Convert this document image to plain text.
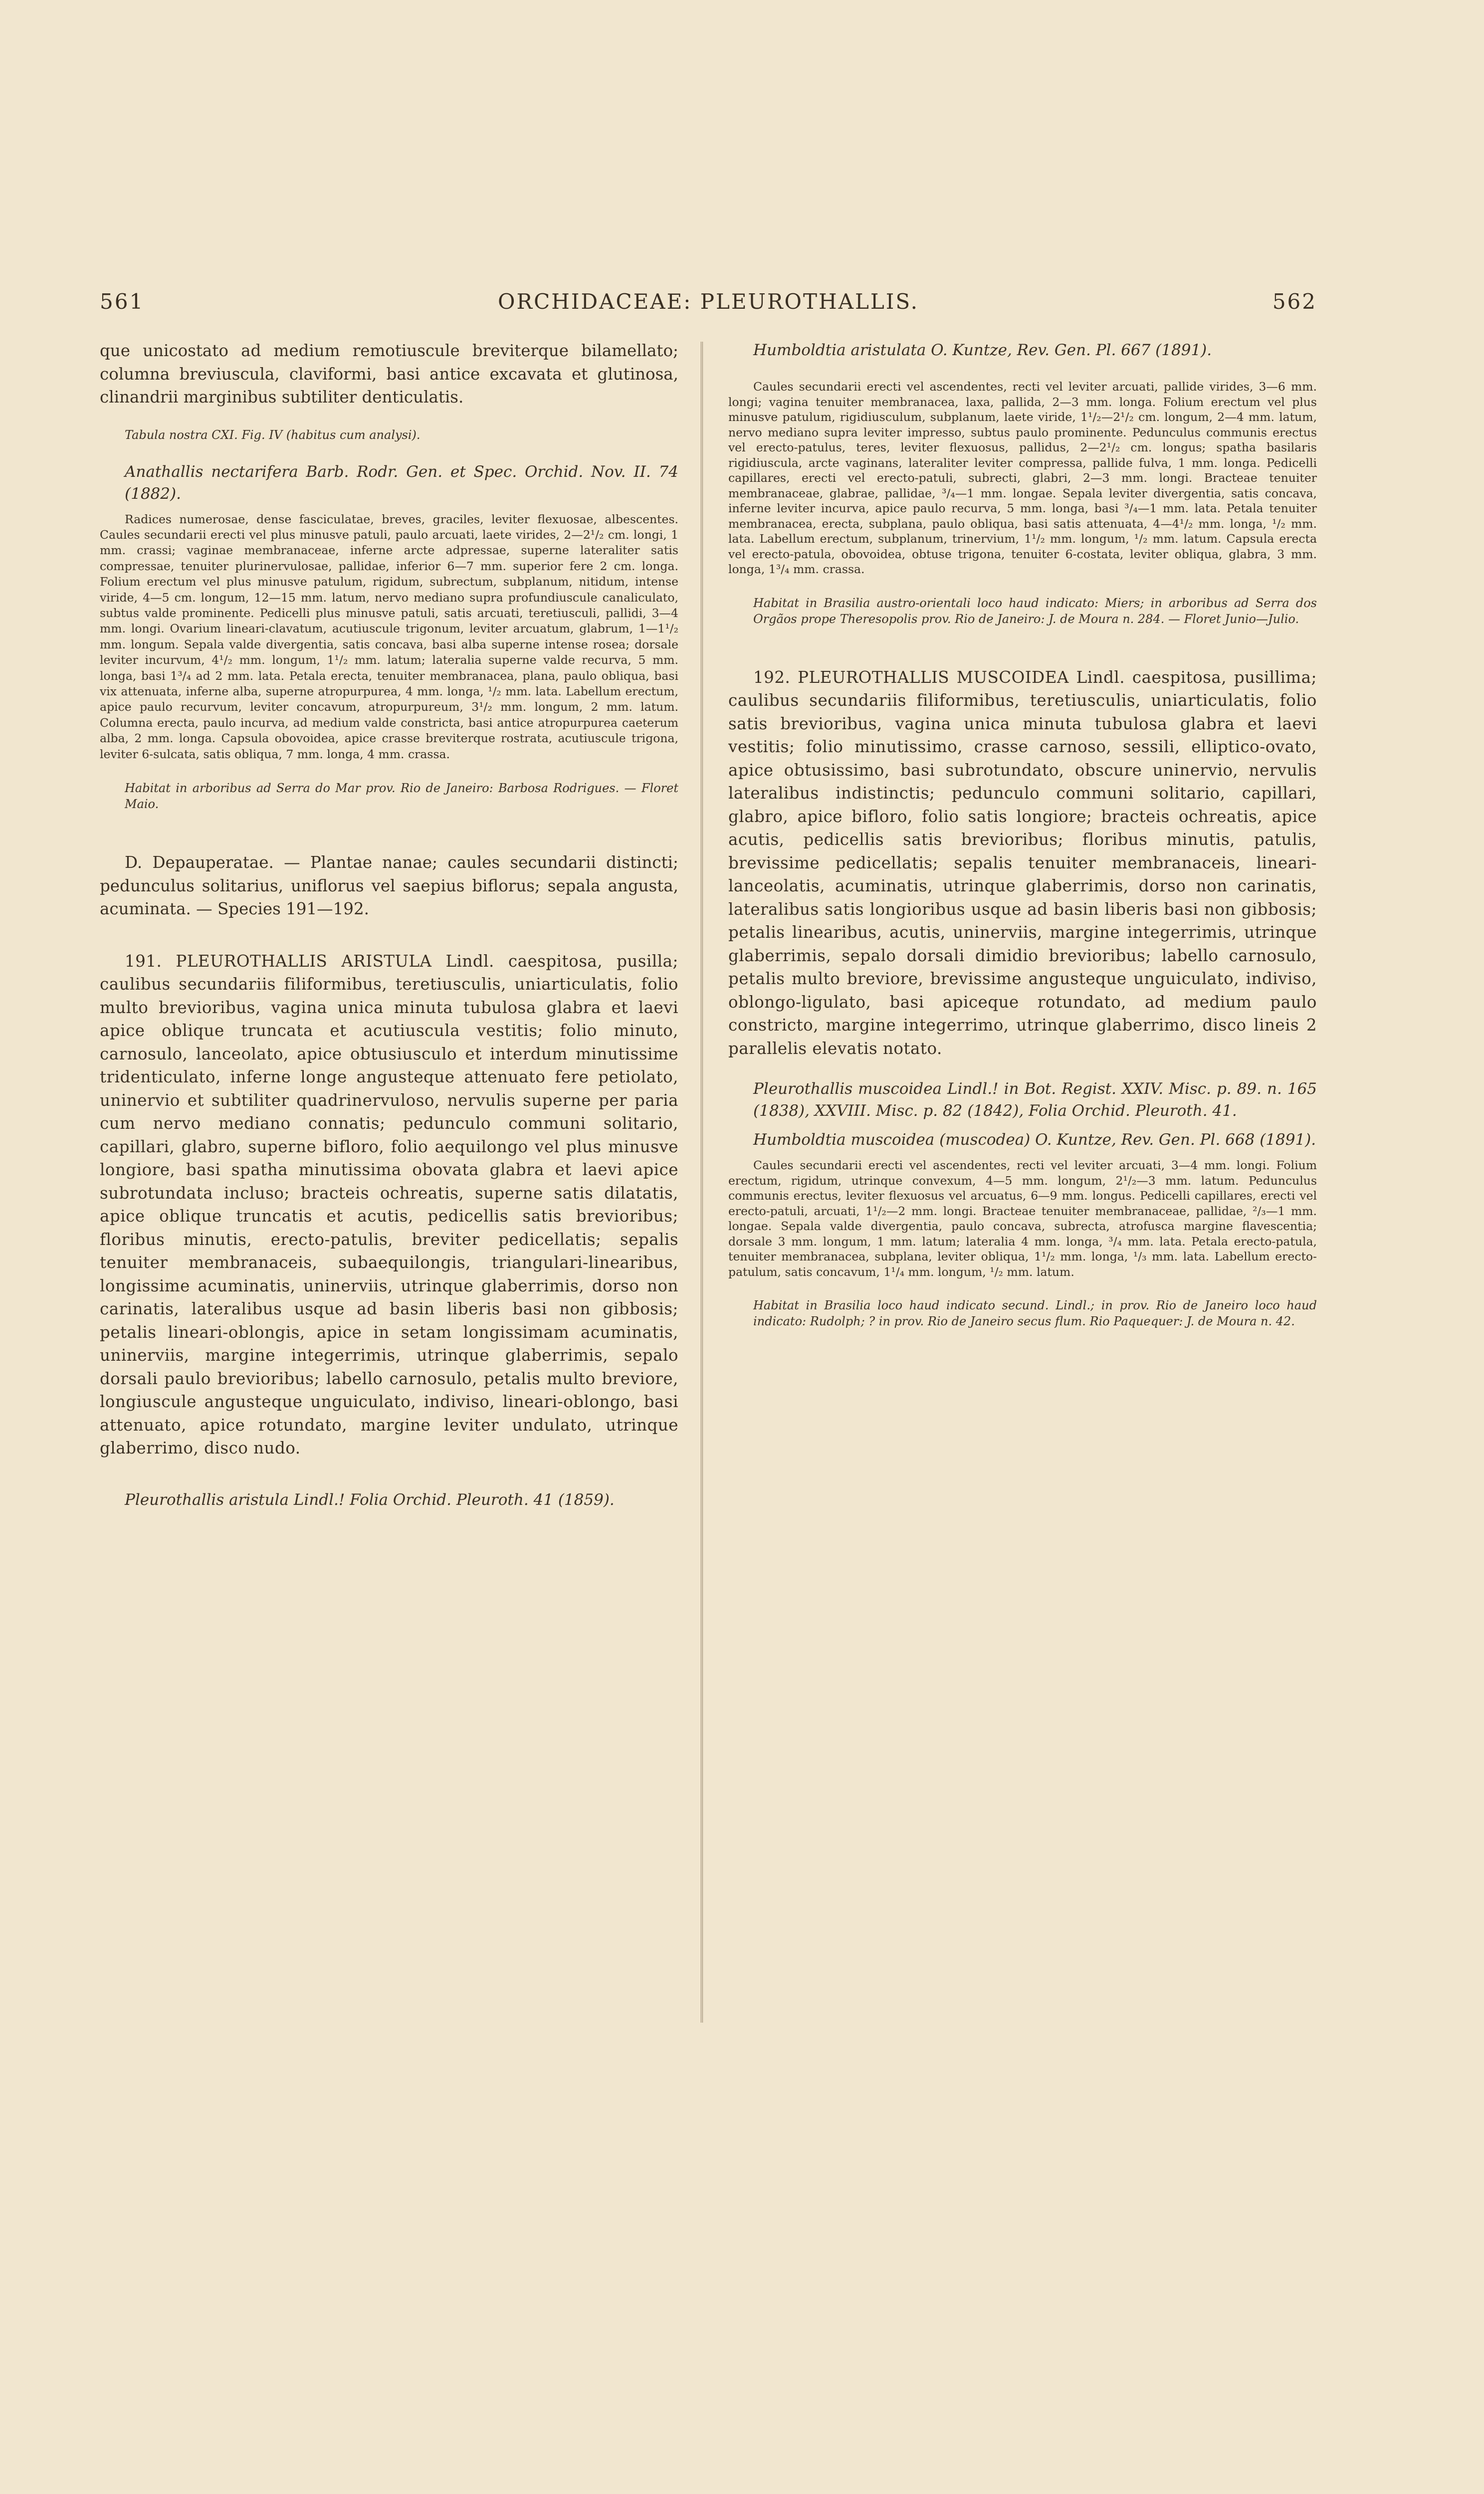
561	ORCHIDACEAE: PLEUROTHALLIS.	562

que unicostato ad medium remotiuscule breviterque bilamellato; columna breviuscula, claviformi, basi antice excavata et glutinosa, clinandrii marginibus subtiliter denticulatis.

Tabula nostra CXI. Fig. IV (habitus cum analysi).

Anathallis nectarifera Barb. Rodr. Gen. et Spec. Orchid. Nov. II. 74 (1882).

Radices numerosae, dense fasciculatae, breves, graciles, leviter flexuosae, albescentes. Caules secundarii erecti vel plus minusve patuli, paulo arcuati, laete virides, 2—2¹/₂ cm. longi, 1 mm. crassi; vaginae membranaceae, inferne arcte adpressae, superne lateraliter satis compressae, tenuiter plurinervulosae, pallidae, inferior 6—7 mm. superior fere 2 cm. longa. Folium erectum vel plus minusve patulum, rigidum, subrectum, subplanum, nitidum, intense viride, 4—5 cm. longum, 12—15 mm. latum, nervo mediano supra profundiuscule canaliculato, subtus valde prominente. Pedicelli plus minusve patuli, satis arcuati, teretiusculi, pallidi, 3—4 mm. longi. Ovarium lineari-clavatum, acutiuscule trigonum, leviter arcuatum, glabrum, 1—1¹/₂ mm. longum. Sepala valde divergentia, satis concava, basi alba superne intense rosea; dorsale leviter incurvum, 4¹/₂ mm. longum, 1¹/₂ mm. latum; lateralia superne valde recurva, 5 mm. longa, basi 1³/₄ ad 2 mm. lata. Petala erecta, tenuiter membranacea, plana, paulo obliqua, basi vix attenuata, inferne alba, superne atropurpurea, 4 mm. longa, ¹/₂ mm. lata. Labellum erectum, apice paulo recurvum, leviter concavum, atropurpureum, 3¹/₂ mm. longum, 2 mm. latum. Columna erecta, paulo incurva, ad medium valde constricta, basi antice atropurpurea caeterum alba, 2 mm. longa. Capsula obovoidea, apice crasse breviterque rostrata, acutiuscule trigona, leviter 6-sulcata, satis obliqua, 7 mm. longa, 4 mm. crassa.

Habitat in arboribus ad Serra do Mar prov. Rio de Janeiro: Barbosa Rodrigues. — Floret Maio.

D. Depauperatae. — Plantae nanae; caules secundarii distincti; pedunculus solitarius, uniflorus vel saepius biflorus; sepala angusta, acuminata. — Species 191—192.

191. PLEUROTHALLIS ARISTULA Lindl. caespitosa, pusilla; caulibus secundariis filiformibus, teretiusculis, uniarticulatis, folio multo brevioribus, vagina unica minuta tubulosa glabra et laevi apice oblique truncata et acutiuscula vestitis; folio minuto, carnosulo, lanceolato, apice obtusiusculo et interdum minutissime tridenticulato, inferne longe angusteque attenuato fere petiolato, uninervio et subtiliter quadrinervuloso, nervulis superne per paria cum nervo mediano connatis; pedunculo communi solitario, capillari, glabro, superne bifloro, folio aequilongo vel plus minusve longiore, basi spatha minutissima obovata glabra et laevi apice subrotundata incluso; bracteis ochreatis, superne satis dilatatis, apice oblique truncatis et acutis, pedicellis satis brevioribus; floribus minutis, erecto-patulis, breviter pedicellatis; sepalis tenuiter membranaceis, subaequilongis, triangulari-linearibus, longissime acuminatis, uninerviis, utrinque glaberrimis, dorso non carinatis, lateralibus usque ad basin liberis basi non gibbosis; petalis lineari-oblongis, apice in setam longissimam acuminatis, uninerviis, margine integerrimis, utrinque glaberrimis, sepalo dorsali paulo brevioribus; labello carnosulo, petalis multo breviore, longiuscule angusteque unguiculato, indiviso, lineari-oblongo, basi attenuato, apice rotundato, margine leviter undulato, utrinque glaberrimo, disco nudo.

Pleurothallis aristula Lindl.! Folia Orchid. Pleuroth. 41 (1859).

Humboldtia aristulata O. Kuntze, Rev. Gen. Pl. 667 (1891).

Caules secundarii erecti vel ascendentes, recti vel leviter arcuati, pallide virides, 3—6 mm. longi; vagina tenuiter membranacea, laxa, pallida, 2—3 mm. longa. Folium erectum vel plus minusve patulum, rigidiusculum, subplanum, laete viride, 1¹/₂—2¹/₂ cm. longum, 2—4 mm. latum, nervo mediano supra leviter impresso, subtus paulo prominente. Pedunculus communis erectus vel erecto-patulus, teres, leviter flexuosus, pallidus, 2—2¹/₂ cm. longus; spatha basilaris rigidiuscula, arcte vaginans, lateraliter leviter compressa, pallide fulva, 1 mm. longa. Pedicelli capillares, erecti vel erecto-patuli, subrecti, glabri, 2—3 mm. longi. Bracteae tenuiter membranaceae, glabrae, pallidae, ³/₄—1 mm. longae. Sepala leviter divergentia, satis concava, inferne leviter incurva, apice paulo recurva, 5 mm. longa, basi ³/₄—1 mm. lata. Petala tenuiter membranacea, erecta, subplana, paulo obliqua, basi satis attenuata, 4—4¹/₂ mm. longa, ¹/₂ mm. lata. Labellum erectum, subplanum, trinervium, 1¹/₂ mm. longum, ¹/₂ mm. latum. Capsula erecta vel erecto-patula, obovoidea, obtuse trigona, tenuiter 6-costata, leviter obliqua, glabra, 3 mm. longa, 1³/₄ mm. crassa.

Habitat in Brasilia austro-orientali loco haud indicato: Miers; in arboribus ad Serra dos Orgãos prope Theresopolis prov. Rio de Janeiro: J. de Moura n. 284. — Floret Junio—Julio.

192. PLEUROTHALLIS MUSCOIDEA Lindl. caespitosa, pusillima; caulibus secundariis filiformibus, teretiusculis, uniarticulatis, folio satis brevioribus, vagina unica minuta tubulosa glabra et laevi vestitis; folio minutissimo, crasse carnoso, sessili, elliptico-ovato, apice obtusissimo, basi subrotundato, obscure uninervio, nervulis lateralibus indistinctis; pedunculo communi solitario, capillari, glabro, apice bifloro, folio satis longiore; bracteis ochreatis, apice acutis, pedicellis satis brevioribus; floribus minutis, patulis, brevissime pedicellatis; sepalis tenuiter membranaceis, lineari-lanceolatis, acuminatis, utrinque glaberrimis, dorso non carinatis, lateralibus satis longioribus usque ad basin liberis basi non gibbosis; petalis linearibus, acutis, uninerviis, margine integerrimis, utrinque glaberrimis, sepalo dorsali dimidio brevioribus; labello carnosulo, petalis multo breviore, brevissime angusteque unguiculato, indiviso, oblongo-ligulato, basi apiceque rotundato, ad medium paulo constricto, margine integerrimo, utrinque glaberrimo, disco lineis 2 parallelis elevatis notato.

Pleurothallis muscoidea Lindl.! in Bot. Regist. XXIV. Misc. p. 89. n. 165 (1838), XXVIII. Misc. p. 82 (1842), Folia Orchid. Pleuroth. 41.

Humboldtia muscoidea (muscodea) O. Kuntze, Rev. Gen. Pl. 668 (1891).

Caules secundarii erecti vel ascendentes, recti vel leviter arcuati, 3—4 mm. longi. Folium erectum, rigidum, utrinque convexum, 4—5 mm. longum, 2¹/₂—3 mm. latum. Pedunculus communis erectus, leviter flexuosus vel arcuatus, 6—9 mm. longus. Pedicelli capillares, erecti vel erecto-patuli, arcuati, 1¹/₂—2 mm. longi. Bracteae tenuiter membranaceae, pallidae, ²/₃—1 mm. longae. Sepala valde divergentia, paulo concava, subrecta, atrofusca margine flavescentia; dorsale 3 mm. longum, 1 mm. latum; lateralia 4 mm. longa, ³/₄ mm. lata. Petala erecto-patula, tenuiter membranacea, subplana, leviter obliqua, 1¹/₂ mm. longa, ¹/₃ mm. lata. Labellum erecto-patulum, satis concavum, 1¹/₄ mm. longum, ¹/₂ mm. latum.

Habitat in Brasilia loco haud indicato secund. Lindl.; in prov. Rio de Janeiro loco haud indicato: Rudolph; ? in prov. Rio de Janeiro secus flum. Rio Paquequer: J. de Moura n. 42.
